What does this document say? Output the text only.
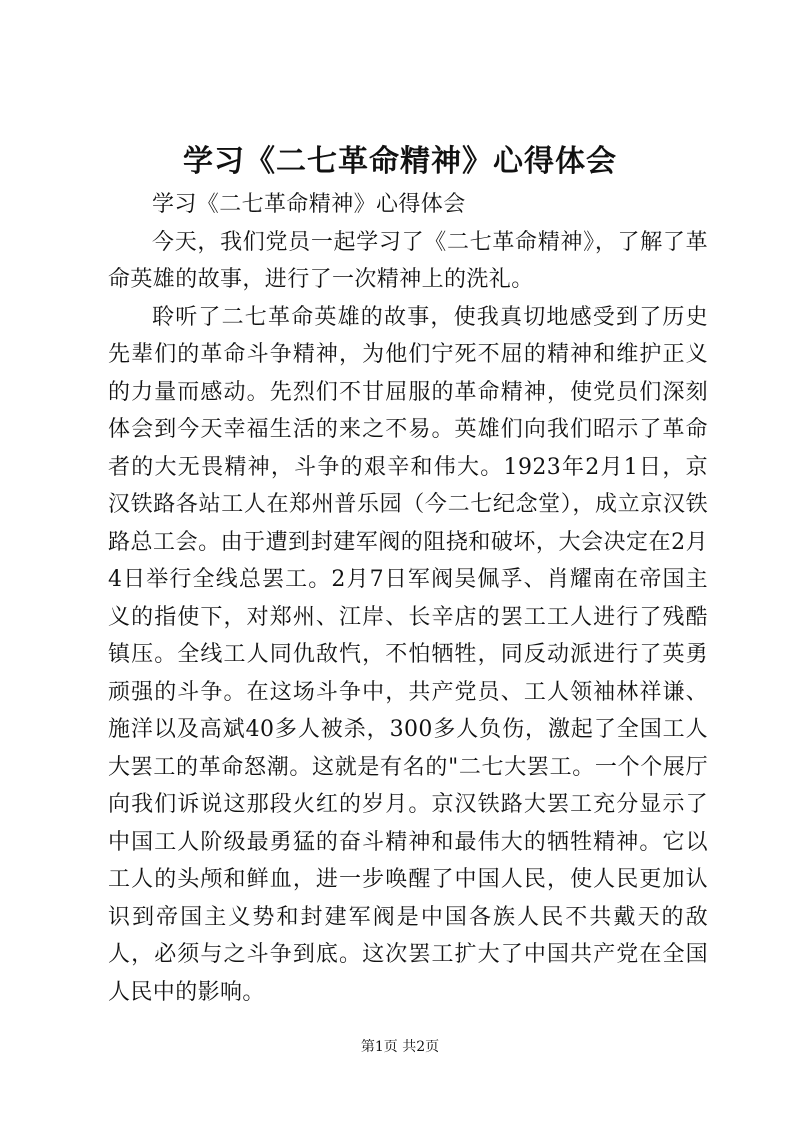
学习《二七革命精神》心得体会

学习《二七革命精神》心得体会

今天，我们党员一起学习了《二七革命精神》，了解了革命英雄的故事，进行了一次精神上的洗礼。

聆听了二七革命英雄的故事，使我真切地感受到了历史先辈们的革命斗争精神，为他们宁死不屈的精神和维护正义的力量而感动。先烈们不甘屈服的革命精神，使党员们深刻体会到今天幸福生活的来之不易。英雄们向我们昭示了革命者的大无畏精神，斗争的艰辛和伟大。1923年2月1日，京汉铁路各站工人在郑州普乐园（今二七纪念堂），成立京汉铁路总工会。由于遭到封建军阀的阻挠和破坏，大会决定在2月4日举行全线总罢工。2月7日军阀吴佩孚、肖耀南在帝国主义的指使下，对郑州、江岸、长辛店的罢工工人进行了残酷镇压。全线工人同仇敌忾，不怕牺牲，同反动派进行了英勇顽强的斗争。在这场斗争中，共产党员、工人领袖林祥谦、施洋以及高斌40多人被杀，300多人负伤，激起了全国工人大罢工的革命怒潮。这就是有名的"二七大罢工。一个个展厅向我们诉说这那段火红的岁月。京汉铁路大罢工充分显示了中国工人阶级最勇猛的奋斗精神和最伟大的牺牲精神。它以工人的头颅和鲜血，进一步唤醒了中国人民，使人民更加认识到帝国主义势和封建军阀是中国各族人民不共戴天的敌人，必须与之斗争到底。这次罢工扩大了中国共产党在全国人民中的影响。

第1页 共2页
